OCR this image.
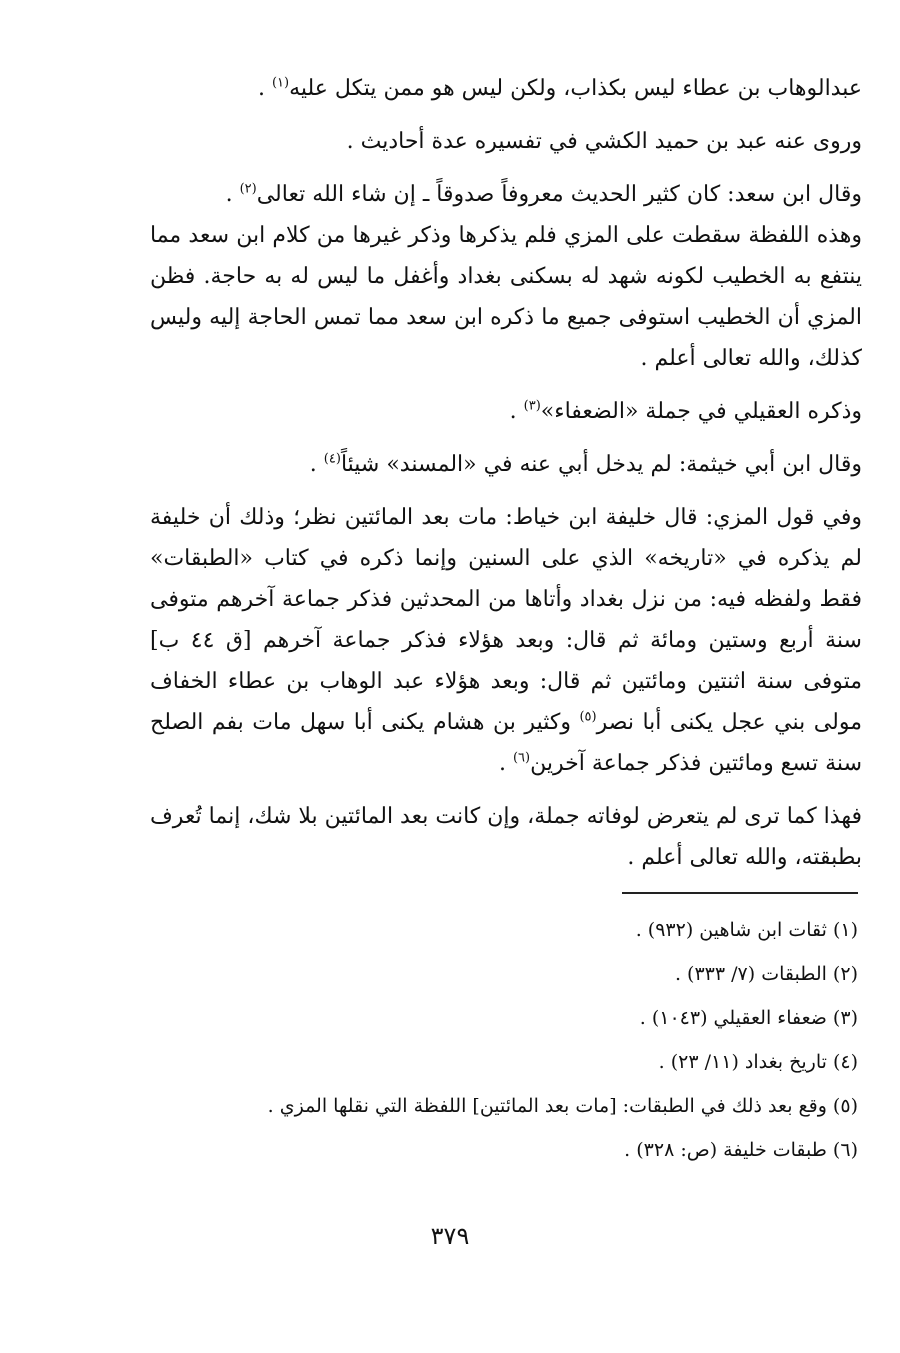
عبدالوهاب بن عطاء ليس بكذاب، ولكن ليس هو ممن يتكل عليه$^{(١)}$ .

وروى عنه عبد بن حميد الكشي في تفسيره عدة أحاديث .

وقال ابن سعد: كان كثير الحديث معروفاً صدوقاً ـ إن شاء الله تعالى$^{(٢)}$ .

وهذه اللفظة سقطت على المزي فلم يذكرها وذكر غيرها من كلام ابن سعد مما ينتفع به الخطيب لكونه شهد له بسكنى بغداد وأغفل ما ليس له به حاجة. فظن المزي أن الخطيب استوفى جميع ما ذكره ابن سعد مما تمس الحاجة إليه وليس كذلك، والله تعالى أعلم .

وذكره العقيلي في جملة «الضعفاء»$^{(٣)}$ .

وقال ابن أبي خيثمة: لم يدخل أبي عنه في «المسند» شيئاً$^{(٤)}$ .

وفي قول المزي: قال خليفة ابن خياط: مات بعد المائتين نظر؛ وذلك أن خليفة لم يذكره في «تاريخه» الذي على السنين وإنما ذكره في كتاب «الطبقات» فقط ولفظه فيه: من نزل بغداد وأتاها من المحدثين فذكر جماعة آخرهم متوفى سنة أربع وستين ومائة ثم قال: وبعد هؤلاء فذكر جماعة آخرهم [ق ٤٤ ب] متوفى سنة اثنتين ومائتين ثم قال: وبعد هؤلاء عبد الوهاب بن عطاء الخفاف مولى بني عجل يكنى أبا نصر$^{(٥)}$ وكثير بن هشام يكنى أبا سهل مات بفم الصلح سنة تسع ومائتين فذكر جماعة آخرين$^{(٦)}$ .

فهذا كما ترى لم يتعرض لوفاته جملة، وإن كانت بعد المائتين بلا شك، إنما تُعرف بطبقته، والله تعالى أعلم .

(١) ثقات ابن شاهين (٩٣٢) .

(٢) الطبقات (٧/ ٣٣٣) .

(٣) ضعفاء العقيلي (١٠٤٣) .

(٤) تاريخ بغداد (١١/ ٢٣) .

(٥) وقع بعد ذلك في الطبقات: [مات بعد المائتين] اللفظة التي نقلها المزي .

(٦) طبقات خليفة (ص: ٣٢٨) .

٣٧٩
